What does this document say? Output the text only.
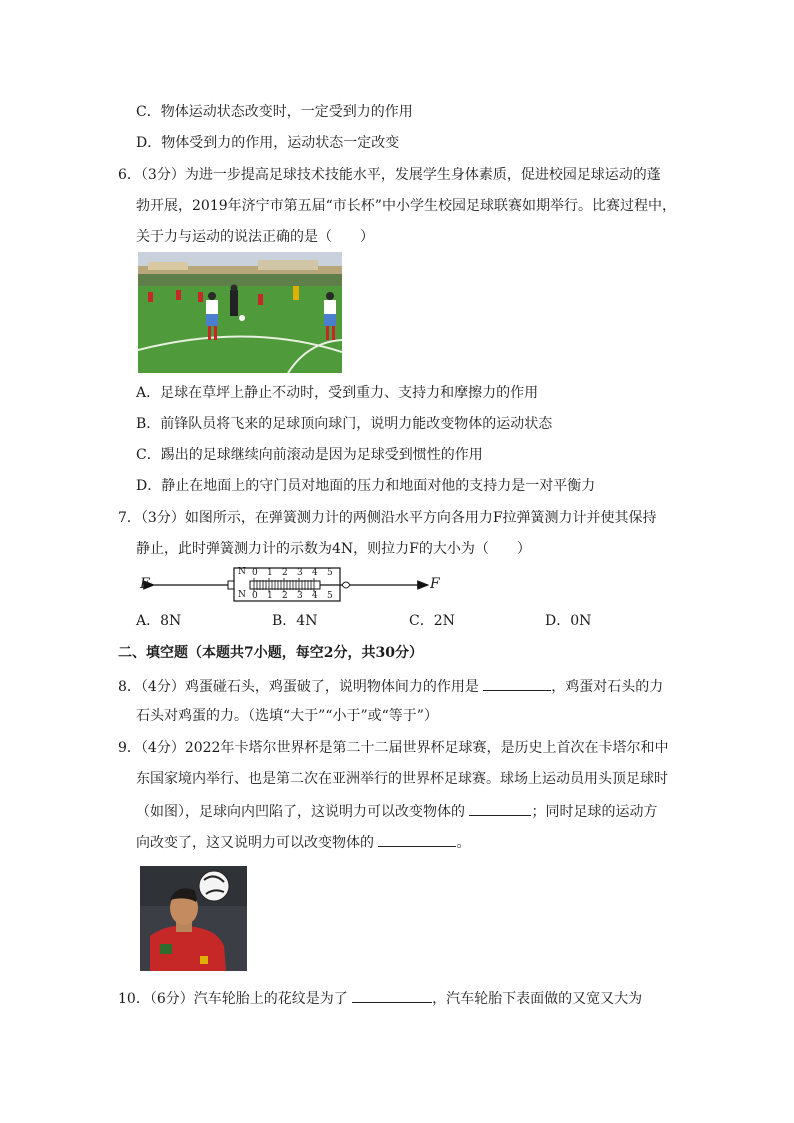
C．物体运动状态改变时，一定受到力的作用
D．物体受到力的作用，运动状态一定改变
6．（3分）为进一步提高足球技术技能水平，发展学生身体素质，促进校园足球运动的蓬
勃开展，2019年济宁市第五届“市长杯”中小学生校园足球联赛如期举行。比赛过程中，
关于力与运动的说法正确的是（　　）
A．足球在草坪上静止不动时，受到重力、支持力和摩擦力的作用
B．前锋队员将飞来的足球顶向球门，说明力能改变物体的运动状态
C．踢出的足球继续向前滚动是因为足球受到惯性的作用
D．静止在地面上的守门员对地面的压力和地面对他的支持力是一对平衡力
7．（3分）如图所示，在弹簧测力计的两侧沿水平方向各用力F拉弹簧测力计并使其保持
静止，此时弹簧测力计的示数为4N，则拉力F的大小为（　　）
F	F
N
N
0 1 2 3 4 5
0 1 2 3 4 5
A．8N	B．4N	C．2N	D．0N
二、填空题（本题共7小题，每空2分，共30分）
8．（4分）鸡蛋碰石头，鸡蛋破了，说明物体间力的作用是	，鸡蛋对石头的力
石头对鸡蛋的力。（选填“大于”“小于”或“等于”）
9．（4分）2022年卡塔尔世界杯是第二十二届世界杯足球赛，是历史上首次在卡塔尔和中
东国家境内举行、也是第二次在亚洲举行的世界杯足球赛。球场上运动员用头顶足球时
（如图），足球向内凹陷了，这说明力可以改变物体的	；同时足球的运动方
向改变了，这又说明力可以改变物体的	。
10．（6分）汽车轮胎上的花纹是为了	，汽车轮胎下表面做的又宽又大为
